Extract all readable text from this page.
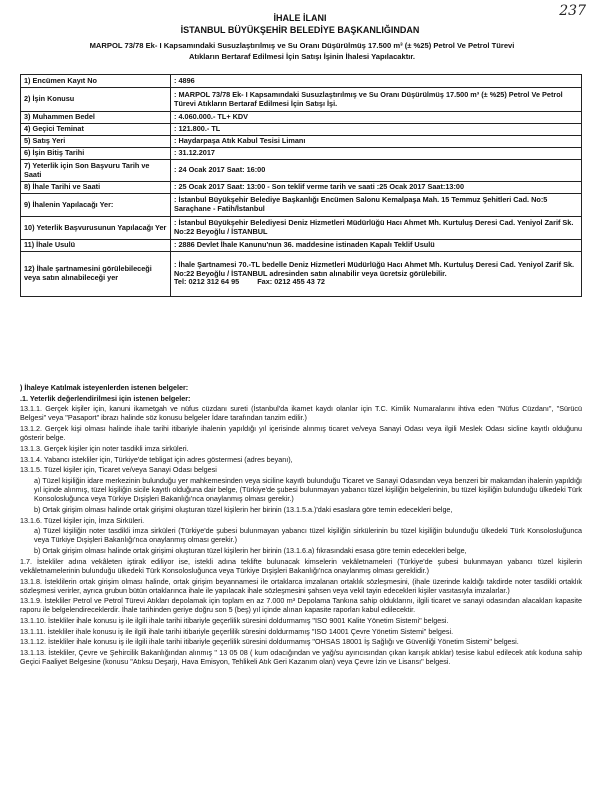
237
İHALE İLANI
İSTANBUL BÜYÜKŞEHİR BELEDİYE BAŞKANLIĞINDAN
MARPOL 73/78 Ek- I Kapsamındaki Susuzlaştırılmış ve Su Oranı Düşürülmüş 17.500 m³ (± %25) Petrol Ve Petrol Türevi
Atıkların Bertaraf Edilmesi İçin Satışı İşinin İhalesi Yapılacaktır.
1) Encümen Kayıt No	: 4896
2) İşin Konusu	: MARPOL 73/78 Ek- I Kapsamındaki Susuzlaştırılmış ve Su Oranı Düşürülmüş 17.500 m³ (± %25) Petrol Ve Petrol Türevi Atıkların Bertaraf Edilmesi İçin Satışı İşi.
3) Muhammen Bedel	: 4.060.000.- TL+ KDV
4) Geçici Teminat	: 121.800.- TL
5) Satış Yeri	: Haydarpaşa Atık Kabul Tesisi Limanı
6) İşin Bitiş Tarihi	: 31.12.2017
7) Yeterlik için Son Başvuru Tarih ve Saati	: 24 Ocak 2017 Saat: 16:00
8) İhale Tarihi ve Saati	: 25 Ocak 2017 Saat: 13:00 - Son teklif verme tarih ve saati :25 Ocak 2017 Saat:13:00
9) İhalenin Yapılacağı Yer:	: İstanbul Büyükşehir Belediye Başkanlığı Encümen Salonu Kemalpaşa Mah. 15 Temmuz Şehitleri Cad. No:5 Saraçhane - Fatih/İstanbul
10) Yeterlik Başvurusunun Yapılacağı Yer	: İstanbul Büyükşehir Belediyesi Deniz Hizmetleri Müdürlüğü Hacı Ahmet Mh. Kurtuluş Deresi Cad. Yeniyol Zarif Sk. No:22 Beyoğlu / İSTANBUL
11) İhale Usulü	: 2886 Devlet İhale Kanunu'nun 36. maddesine istinaden Kapalı Teklif Usulü
12) İhale şartnamesini görülebileceği veya satın alınabileceği yer	: İhale Şartnamesi 70.-TL bedelle Deniz Hizmetleri Müdürlüğü Hacı Ahmet Mh. Kurtuluş Deresi Cad. Yeniyol Zarif Sk. No:22 Beyoğlu / İSTANBUL adresinden satın alınabilir veya ücretsiz görülebilir.
Tel: 0212 312 64 95 Fax: 0212 455 43 72

) İhaleye Katılmak isteyenlerden istenen belgeler:

.1. Yeterlik değerlendirilmesi için istenen belgeler:

13.1.1. Gerçek kişiler için, kanuni ikametgah ve nüfus cüzdanı sureti (İstanbul'da ikamet kaydı olanlar için T.C. Kimlik Numaralarını ihtiva eden "Nüfus Cüzdanı", "Sürücü Belgesi" veya "Pasaport" ibrazı halinde söz konusu belgeler İdare tarafından tanzim edilir.)

13.1.2. Gerçek kişi olması halinde ihale tarihi itibariyle ihalenin yapıldığı yıl içerisinde alınmış ticaret ve/veya Sanayi Odası veya ilgili Meslek Odası sicline kayıtlı olduğunu gösterir belge.

13.1.3. Gerçek kişiler için noter tasdikli imza sirküleri.

13.1.4. Yabancı istekliler için, Türkiye'de tebligat için adres göstermesi (adres beyanı),

13.1.5. Tüzel kişiler için, Ticaret ve/veya Sanayi Odası belgesi

a) Tüzel kişiliğin idare merkezinin bulunduğu yer mahkemesinden veya siciline kayıtlı bulunduğu Ticaret ve Sanayi Odasından veya benzeri bir makamdan ihalenin yapıldığı yıl içinde alınmış, tüzel kişiliğin sicile kayıtlı olduğuna dair belge, (Türkiye'de şubesi bulunmayan yabancı tüzel kişiliğin belgelerinin, bu tüzel kişiliğin bulunduğu ülkedeki Türk Konsolosluğunca veya Türkiye Dışişleri Bakanlığı'nca onaylanmış olması gerekir.)

b) Ortak girişim olması halinde ortak girişimi oluşturan tüzel kişilerin her birinin (13.1.5.a.)'daki esaslara göre temin edecekleri belge,

13.1.6. Tüzel kişiler için, İmza Sirküleri.

a) Tüzel kişiliğin noter tasdikli imza sirküleri (Türkiye'de şubesi bulunmayan yabancı tüzel kişiliğin sirkülerinin bu tüzel kişiliğin bulunduğu ülkedeki Türk Konsolosluğunca veya Türkiye Dışişleri Bakanlığı'nca onaylanmış olması gerekir.)

b) Ortak girişim olması halinde ortak girişimi oluşturan tüzel kişilerin her birinin (13.1.6.a) fıkrasındaki esasa göre temin edecekleri belge,

1.7. İstekliler adına vekâleten iştirak ediliyor ise, istekli adına teklifte bulunacak kimselerin vekâletnameleri (Türkiye'de şubesi bulunmayan yabancı tüzel kişilerin vekâletnamelerinin bulunduğu ülkedeki Türk Konsolosluğunca veya Türkiye Dışişleri Bakanlığı'nca onaylanmış olması gereklidir.)

13.1.8. İsteklilerin ortak girişim olması halinde, ortak girişim beyannamesi ile ortaklarca imzalanan ortaklık sözleşmesini, (ihale üzerinde kaldığı takdirde noter tasdikli ortaklık sözleşmesi verirler, ayrıca grubun bütün ortaklarınca ihale ile yapılacak ihale sözleşmesini şahsen veya vekil tayin edecekleri kişiler vasıtasıyla imzalarlar.)

13.1.9. İstekliler Petrol ve Petrol Türevi Atıkları depolamak için toplam en az 7.000 m³ Depolama Tankına sahip olduklarını, ilgili ticaret ve sanayi odasından alacakları kapasite raporu ile belgelendireceklerdir. İhale tarihinden geriye doğru son 5 (beş) yıl içinde alınan kapasite raporları kabul edilecektir.

13.1.10. İstekliler ihale konusu iş ile ilgili ihale tarihi itibariyle geçerlilik süresini doldurmamış "ISO 9001 Kalite Yönetim Sistemi" belgesi.

13.1.11. İstekliler ihale konusu iş ile ilgili ihale tarihi itibariyle geçerlilik süresini doldurmamış "ISO 14001 Çevre Yönetim Sistemi" belgesi.

13.1.12. İstekliler ihale konusu iş ile ilgili ihale tarihi itibariyle geçerlilik süresini doldurmamış "OHSAS 18001 İş Sağlığı ve Güvenliği Yönetim Sistemi" belgesi.

13.1.13. İstekliler, Çevre ve Şehircilik Bakanlığından alınmış " 13 05 08 ( kum odacığından ve yağ/su ayırıcısından çıkan karışık atıklar) tesise kabul edilecek atık koduna sahip Geçici Faaliyet Belgesine (konusu "Atıksu Deşarjı, Hava Emisyon, Tehlikeli Atık Geri Kazanım olan) veya Çevre İzin ve Lisansı" belgesi.
